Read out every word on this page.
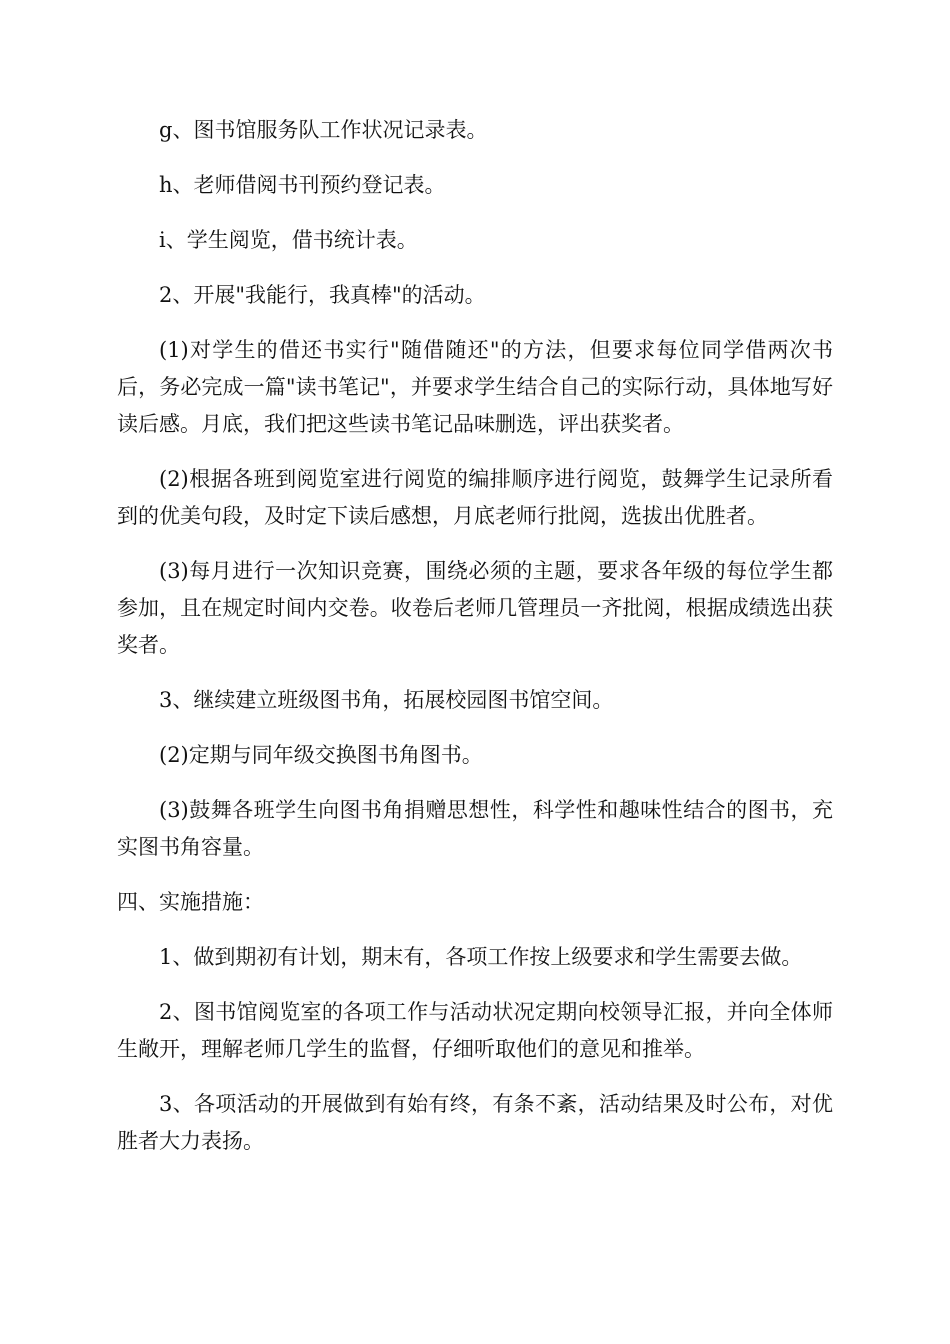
g、图书馆服务队工作状况记录表。

h、老师借阅书刊预约登记表。

i、学生阅览，借书统计表。

2、开展"我能行，我真棒"的活动。

(1)对学生的借还书实行"随借随还"的方法，但要求每位同学借两次书后，务必完成一篇"读书笔记"，并要求学生结合自己的实际行动，具体地写好读后感。月底，我们把这些读书笔记品味删选，评出获奖者。

(2)根据各班到阅览室进行阅览的编排顺序进行阅览，鼓舞学生记录所看到的优美句段，及时定下读后感想，月底老师行批阅，选拔出优胜者。

(3)每月进行一次知识竞赛，围绕必须的主题，要求各年级的每位学生都参加，且在规定时间内交卷。收卷后老师几管理员一齐批阅，根据成绩选出获奖者。

3、继续建立班级图书角，拓展校园图书馆空间。

(2)定期与同年级交换图书角图书。

(3)鼓舞各班学生向图书角捐赠思想性，科学性和趣味性结合的图书，充实图书角容量。

四、实施措施：

1、做到期初有计划，期末有，各项工作按上级要求和学生需要去做。

2、图书馆阅览室的各项工作与活动状况定期向校领导汇报，并向全体师生敞开，理解老师几学生的监督，仔细听取他们的意见和推举。

3、各项活动的开展做到有始有终，有条不紊，活动结果及时公布，对优胜者大力表扬。
